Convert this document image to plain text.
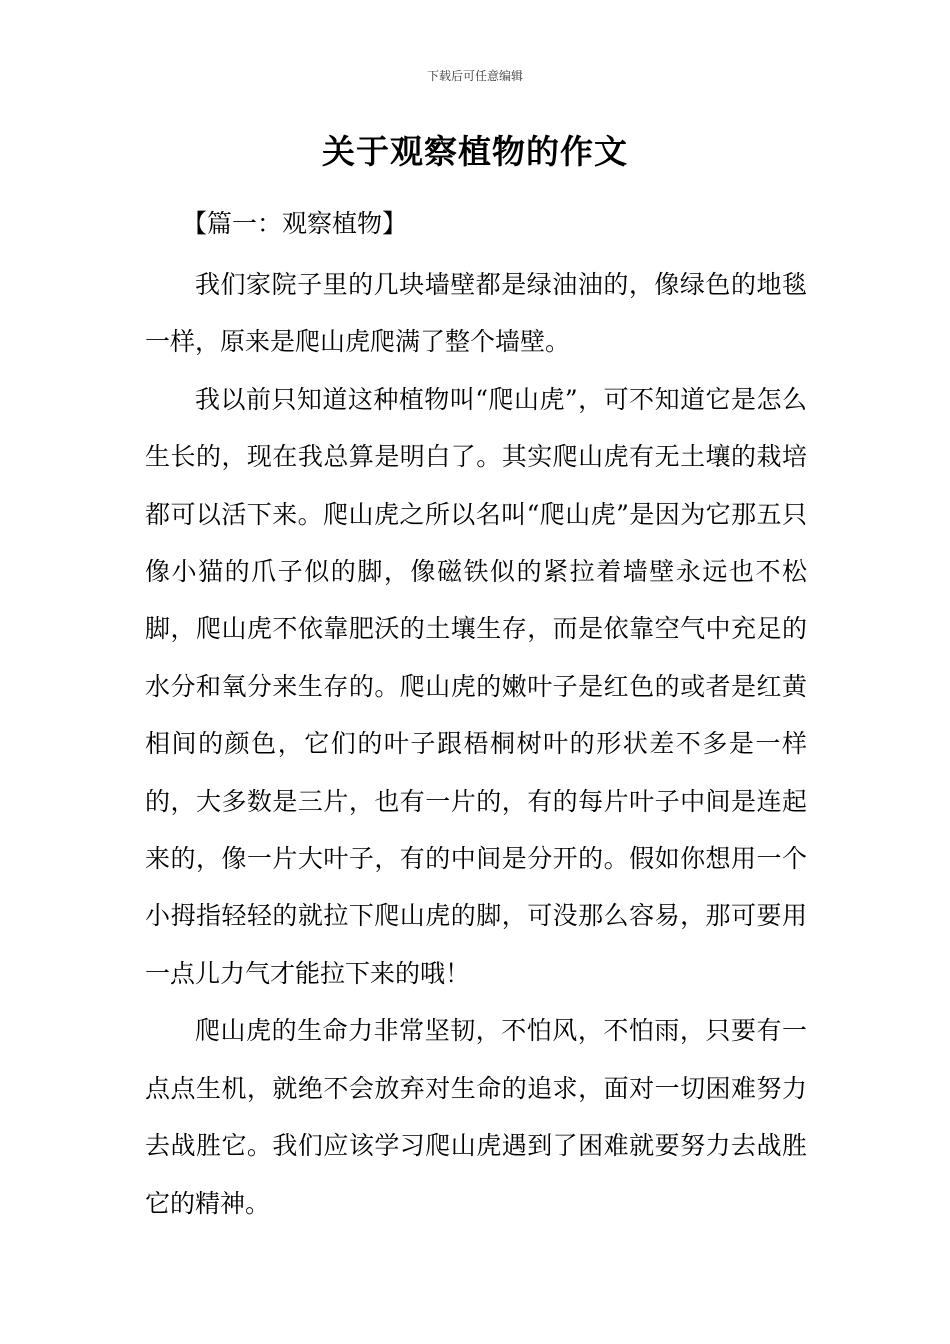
下载后可任意编辑
关于观察植物的作文
【篇一：观察植物】

我们家院子里的几块墙壁都是绿油油的，像绿色的地毯一样，原来是爬山虎爬满了整个墙壁。

我以前只知道这种植物叫“爬山虎”，可不知道它是怎么生长的，现在我总算是明白了。其实爬山虎有无土壤的栽培都可以活下来。爬山虎之所以名叫“爬山虎”是因为它那五只像小猫的爪子似的脚，像磁铁似的紧拉着墙壁永远也不松脚，爬山虎不依靠肥沃的土壤生存，而是依靠空气中充足的水分和氧分来生存的。爬山虎的嫩叶子是红色的或者是红黄相间的颜色，它们的叶子跟梧桐树叶的形状差不多是一样的，大多数是三片，也有一片的，有的每片叶子中间是连起来的，像一片大叶子，有的中间是分开的。假如你想用一个小拇指轻轻的就拉下爬山虎的脚，可没那么容易，那可要用一点儿力气才能拉下来的哦！

爬山虎的生命力非常坚韧，不怕风，不怕雨，只要有一点点生机，就绝不会放弃对生命的追求，面对一切困难努力去战胜它。我们应该学习爬山虎遇到了困难就要努力去战胜它的精神。
